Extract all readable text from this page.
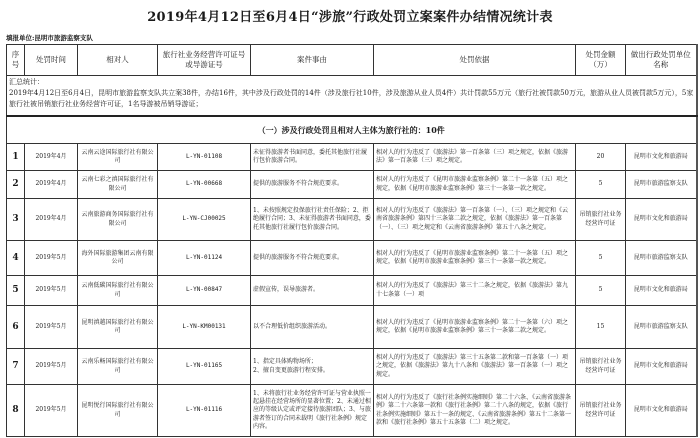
2019年4月12日至6月4日“涉旅”行政处罚立案案件办结情况统计表
填报单位:昆明市旅游监察支队
序号	处罚时间	相对人	旅行社业务经营许可证号或导游证号	案件事由	处罚依据	处罚金额（万）	做出行政处罚单位名称

汇总统计：
2019年4月12日至6月4日，昆明市旅游监察支队共立案38件，办结16件，其中涉及行政处罚的14件（涉及旅行社10件，涉及旅游从业人员4件）共计罚款55万元（旅行社被罚款50万元，旅游从业人员被罚款5万元），5家旅行社被吊销旅行社业务经营许可证，1名导游被吊销导游证；							

（一）涉及行政处罚且相对人主体为旅行社的：10件							
1	2019年4月	云南云途国际旅行社有限公司	L-YN-01108	未征得旅游者书面同意，委托其他旅行社履行包价旅游合同。	相对人的行为违反了《旅游法》第一百条第（三）项之规定，依据《旅游法》第一百条第（三）项之规定。	20	昆明市文化和旅游局
2	2019年4月	云南七彩之滇国际旅行社有限公司	L-YN-00668	提供的旅游服务不符合规范要求。	相对人的行为违反了《昆明市旅游业监察条例》第二十一条第（五）项之规定，依据《昆明市旅游业监察条例》第三十一条第一款之规定。	5	昆明市旅游监察支队
3	2019年4月	云南旅游商务国际旅行社有限公司	L-YN-CJ00025	1、未按照规定投保旅行社责任保险；2、拒绝履行合同；3、未征得旅游者书面同意，委托其他旅行社履行包价旅游合同。	相对人的行为违反了《旅游法》第一百条第（一）、（三）项之规定和《云南省旅游条例》第四十三条第二款之规定，依据《旅游法》第一百条第（一）、（三）项之规定和《云南省旅游条例》第五十八条之规定。	吊销旅行社业务经营许可证	昆明市文化和旅游局
4	2019年5月	海外国际旅游集团云南有限公司	L-YN-01124	提供的旅游服务不符合规范要求。	相对人的行为违反了《昆明市旅游业监察条例》第二十一条第（五）项之规定，依据《昆明市旅游业监察条例》第三十一条第一款之规定。	5	昆明市旅游监察支队
5	2019年5月	云南低碳国际旅行社有限公司	L-YN-00847	虚假宣传，误导旅游者。	相对人的行为违反了《旅游法》第三十二条之规定，依据《旅游法》第九十七条第（一）项	5	昆明市文化和旅游局
6	2019年5月	昆明滇越国际旅行社有限公司	L-YN-KM00131	以不合理低价组织旅游活动。	相对人的行为违反了《昆明市旅游业监察条例》第二十一条第（六）项之规定，依据《昆明市旅游业监察条例》第三十一条第二款之规定。	15	昆明市旅游监察支队
7	2019年5月	云南乐畅国际旅行社有限公司	L-YN-01165	1、指定具体购物场所；
2、擅自变更旅游行程安排。	相对人的行为违反了《旅游法》第三十五条第二款和第一百条第（一）项之规定，依据《旅游法》第九十八条和《旅游法》第一百条第（一）项之规定。	吊销旅行社业务经营许可证	昆明市文化和旅游局
8	2019年5月	昆明悦行国际旅行社有限公司	L-YN-01116	1、未将旅行社业务经营许可证与营业执照一起悬挂在经营场所的显著位置；2、未通过相应的等级认定或评定接待旅游团队；3、与旅游者签订的合同未载明《旅行社条例》规定内容。	相对人的行为违反了《旅行社条例实施细则》第二十六条、《云南省旅游条例》第二十六条第一款和《旅行社条例》第二十八条的规定，依据《旅行社条例实施细则》第五十一条的规定、《云南省旅游条例》第五十二条第一款和《旅行社条例》第五十五条第（二）项之规定。	吊销旅行社业务经营许可证	昆明市文化和旅游局
